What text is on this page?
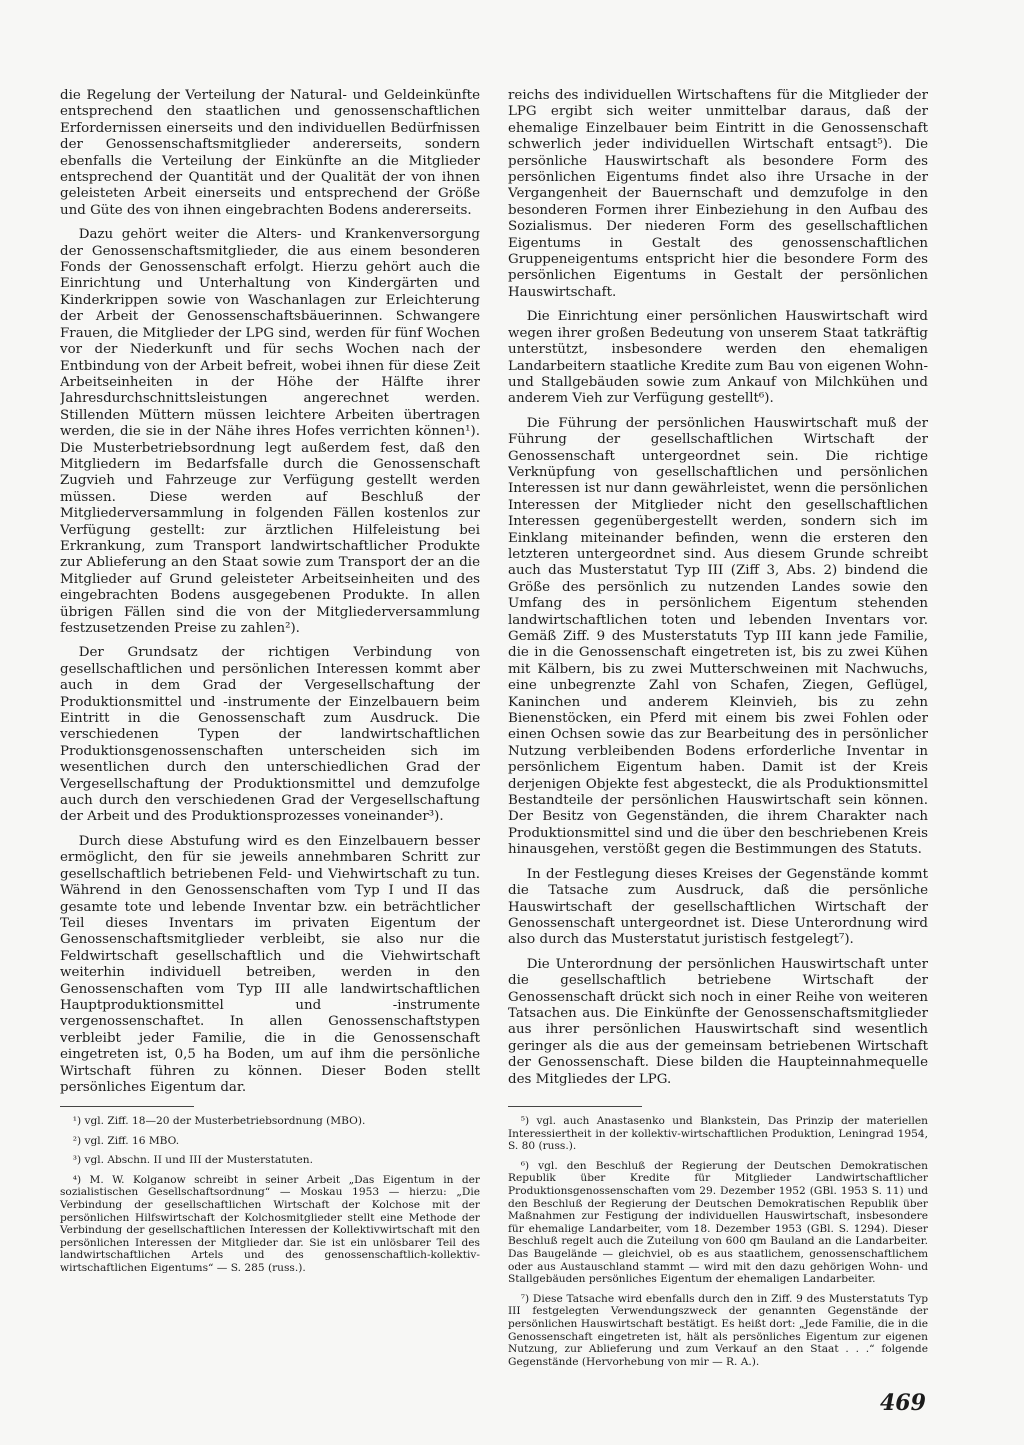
die Regelung der Verteilung der Natural- und Geldeinkünfte entsprechend den staatlichen und genossenschaftlichen Erfordernissen einerseits und den individuellen Bedürfnissen der Genossenschaftsmitglieder andererseits, sondern ebenfalls die Verteilung der Einkünfte an die Mitglieder entsprechend der Quantität und der Qualität der von ihnen geleisteten Arbeit einerseits und entsprechend der Größe und Güte des von ihnen eingebrachten Bodens andererseits.

Dazu gehört weiter die Alters- und Krankenversorgung der Genossenschaftsmitglieder, die aus einem besonderen Fonds der Genossenschaft erfolgt. Hierzu gehört auch die Einrichtung und Unterhaltung von Kindergärten und Kinderkrippen sowie von Waschanlagen zur Erleichterung der Arbeit der Genossenschaftsbäuerinnen. Schwangere Frauen, die Mitglieder der LPG sind, werden für fünf Wochen vor der Niederkunft und für sechs Wochen nach der Entbindung von der Arbeit befreit, wobei ihnen für diese Zeit Arbeitseinheiten in der Höhe der Hälfte ihrer Jahresdurchschnittsleistungen angerechnet werden. Stillenden Müttern müssen leichtere Arbeiten übertragen werden, die sie in der Nähe ihres Hofes verrichten können¹). Die Musterbetriebsordnung legt außerdem fest, daß den Mitgliedern im Bedarfsfalle durch die Genossenschaft Zugvieh und Fahrzeuge zur Verfügung gestellt werden müssen. Diese werden auf Beschluß der Mitgliederversammlung in folgenden Fällen kostenlos zur Verfügung gestellt: zur ärztlichen Hilfeleistung bei Erkrankung, zum Transport landwirtschaftlicher Produkte zur Ablieferung an den Staat sowie zum Transport der an die Mitglieder auf Grund geleisteter Arbeitseinheiten und des eingebrachten Bodens ausgegebenen Produkte. In allen übrigen Fällen sind die von der Mitgliederversammlung festzusetzenden Preise zu zahlen²).

Der Grundsatz der richtigen Verbindung von gesellschaftlichen und persönlichen Interessen kommt aber auch in dem Grad der Vergesellschaftung der Produktionsmittel und -instrumente der Einzelbauern beim Eintritt in die Genossenschaft zum Ausdruck. Die verschiedenen Typen der landwirtschaftlichen Produktionsgenossenschaften unterscheiden sich im wesentlichen durch den unterschiedlichen Grad der Vergesellschaftung der Produktionsmittel und demzufolge auch durch den verschiedenen Grad der Vergesellschaftung der Arbeit und des Produktionsprozesses voneinander³).

Durch diese Abstufung wird es den Einzelbauern besser ermöglicht, den für sie jeweils annehmbaren Schritt zur gesellschaftlich betriebenen Feld- und Viehwirtschaft zu tun. Während in den Genossenschaften vom Typ I und II das gesamte tote und lebende Inventar bzw. ein beträchtlicher Teil dieses Inventars im privaten Eigentum der Genossenschaftsmitglieder verbleibt, sie also nur die Feldwirtschaft gesellschaftlich und die Viehwirtschaft weiterhin individuell betreiben, werden in den Genossenschaften vom Typ III alle landwirtschaftlichen Hauptproduktionsmittel und -instrumente vergenossenschaftet. In allen Genossenschaftstypen verbleibt jeder Familie, die in die Genossenschaft eingetreten ist, 0,5 ha Boden, um auf ihm die persönliche Wirtschaft führen zu können. Dieser Boden stellt persönliches Eigentum dar.

reichs des individuellen Wirtschaftens für die Mitglieder der LPG ergibt sich weiter unmittelbar daraus, daß der ehemalige Einzelbauer beim Eintritt in die Genossenschaft schwerlich jeder individuellen Wirtschaft entsagt⁵). Die persönliche Hauswirtschaft als besondere Form des persönlichen Eigentums findet also ihre Ursache in der Vergangenheit der Bauernschaft und demzufolge in den besonderen Formen ihrer Einbeziehung in den Aufbau des Sozialismus. Der niederen Form des gesellschaftlichen Eigentums in Gestalt des genossenschaftlichen Gruppeneigentums entspricht hier die besondere Form des persönlichen Eigentums in Gestalt der persönlichen Hauswirtschaft.

Die Einrichtung einer persönlichen Hauswirtschaft wird wegen ihrer großen Bedeutung von unserem Staat tatkräftig unterstützt, insbesondere werden den ehemaligen Landarbeitern staatliche Kredite zum Bau von eigenen Wohn- und Stallgebäuden sowie zum Ankauf von Milchkühen und anderem Vieh zur Verfügung gestellt⁶).

Die Führung der persönlichen Hauswirtschaft muß der Führung der gesellschaftlichen Wirtschaft der Genossenschaft untergeordnet sein. Die richtige Verknüpfung von gesellschaftlichen und persönlichen Interessen ist nur dann gewährleistet, wenn die persönlichen Interessen der Mitglieder nicht den gesellschaftlichen Interessen gegenübergestellt werden, sondern sich im Einklang miteinander befinden, wenn die ersteren den letzteren untergeordnet sind. Aus diesem Grunde schreibt auch das Musterstatut Typ III (Ziff 3, Abs. 2) bindend die Größe des persönlich zu nutzenden Landes sowie den Umfang des in persönlichem Eigentum stehenden landwirtschaftlichen toten und lebenden Inventars vor. Gemäß Ziff. 9 des Musterstatuts Typ III kann jede Familie, die in die Genossenschaft eingetreten ist, bis zu zwei Kühen mit Kälbern, bis zu zwei Mutterschweinen mit Nachwuchs, eine unbegrenzte Zahl von Schafen, Ziegen, Geflügel, Kaninchen und anderem Kleinvieh, bis zu zehn Bienenstöcken, ein Pferd mit einem bis zwei Fohlen oder einen Ochsen sowie das zur Bearbeitung des in persönlicher Nutzung verbleibenden Bodens erforderliche Inventar in persönlichem Eigentum haben. Damit ist der Kreis derjenigen Objekte fest abgesteckt, die als Produktionsmittel Bestandteile der persönlichen Hauswirtschaft sein können. Der Besitz von Gegenständen, die ihrem Charakter nach Produktionsmittel sind und die über den beschriebenen Kreis hinausgehen, verstößt gegen die Bestimmungen des Statuts.

In der Festlegung dieses Kreises der Gegenstände kommt die Tatsache zum Ausdruck, daß die persönliche Hauswirtschaft der gesellschaftlichen Wirtschaft der Genossenschaft untergeordnet ist. Diese Unterordnung wird also durch das Musterstatut juristisch festgelegt⁷).

Die Unterordnung der persönlichen Hauswirtschaft unter die gesellschaftlich betriebene Wirtschaft der Genossenschaft drückt sich noch in einer Reihe von weiteren Tatsachen aus. Die Einkünfte der Genossenschaftsmitglieder aus ihrer persönlichen Hauswirtschaft sind wesentlich geringer als die aus der gemeinsam betriebenen Wirtschaft der Genossenschaft. Diese bilden die Haupteinnahmequelle des Mitgliedes der LPG.

¹) vgl. Ziff. 18—20 der Musterbetriebsordnung (MBO).

²) vgl. Ziff. 16 MBO.

³) vgl. Abschn. II und III der Musterstatuten.

⁴) M. W. Kolganow schreibt in seiner Arbeit „Das Eigentum in der sozialistischen Gesellschaftsordnung“ — Moskau 1953 — hierzu: „Die Verbindung der gesellschaftlichen Wirtschaft der Kolchose mit der persönlichen Hilfswirtschaft der Kolchosmitglieder stellt eine Methode der Verbindung der gesellschaftlichen Interessen der Kollektivwirtschaft mit den persönlichen Interessen der Mitglieder dar. Sie ist ein unlösbarer Teil des landwirtschaftlichen Artels und des genossenschaftlich-kollektiv-wirtschaftlichen Eigentums“ — S. 285 (russ.).

⁵) vgl. auch Anastasenko und Blankstein, Das Prinzip der materiellen Interessiertheit in der kollektiv-wirtschaftlichen Produktion, Leningrad 1954, S. 80 (russ.).

⁶) vgl. den Beschluß der Regierung der Deutschen Demokratischen Republik über Kredite für Mitglieder Landwirtschaftlicher Produktionsgenossenschaften vom 29. Dezember 1952 (GBl. 1953 S. 11) und den Beschluß der Regierung der Deutschen Demokratischen Republik über Maßnahmen zur Festigung der individuellen Hauswirtschaft, insbesondere für ehemalige Landarbeiter, vom 18. Dezember 1953 (GBl. S. 1294). Dieser Beschluß regelt auch die Zuteilung von 600 qm Bauland an die Landarbeiter. Das Baugelände — gleichviel, ob es aus staatlichem, genossenschaftlichem oder aus Austauschland stammt — wird mit den dazu gehörigen Wohn- und Stallgebäuden persönliches Eigentum der ehemaligen Landarbeiter.

⁷) Diese Tatsache wird ebenfalls durch den in Ziff. 9 des Musterstatuts Typ III festgelegten Verwendungszweck der genannten Gegenstände der persönlichen Hauswirtschaft bestätigt. Es heißt dort: „Jede Familie, die in die Genossenschaft eingetreten ist, hält als persönliches Eigentum zur eigenen Nutzung, zur Ablieferung und zum Verkauf an den Staat . . .“ folgende Gegenstände (Hervorhebung von mir — R. A.).

469
